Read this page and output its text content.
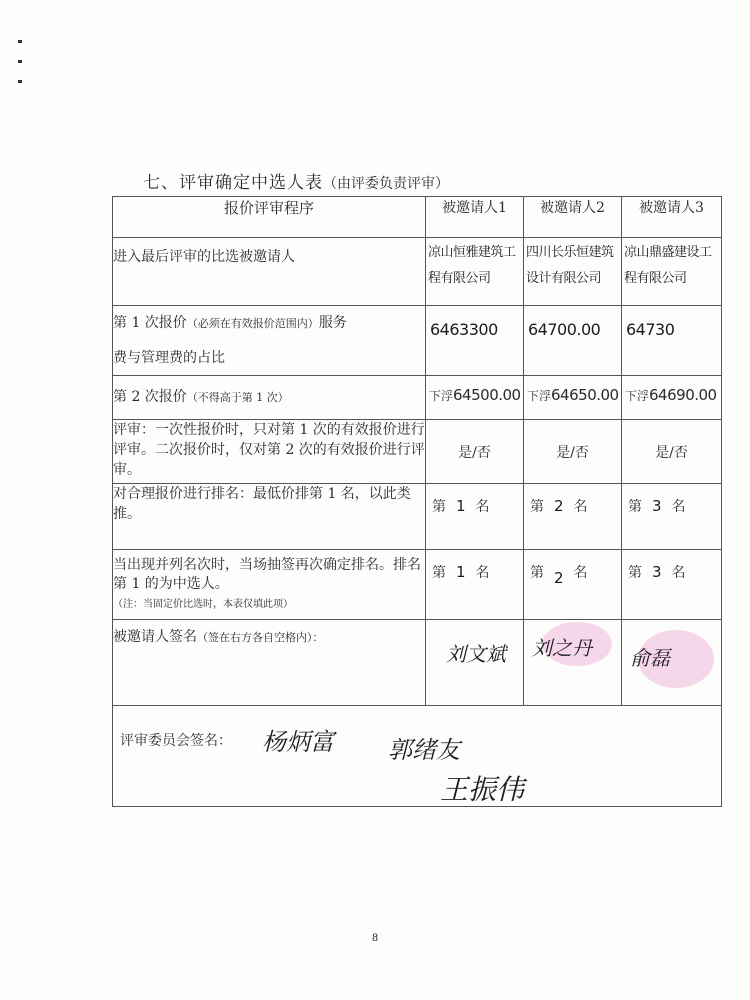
七、评审确定中选人表（由评委负责评审）
报价评审程序	被邀请人1	被邀请人2	被邀请人3
进入最后评审的比选被邀请人	凉山恒雅建筑工程有限公司	四川长乐恒建筑设计有限公司	凉山鼎盛建设工程有限公司

第 1 次报价（必须在有效报价范围内）服务
费与管理费的占比	6463300	64700.00	64730

第 2 次报价（不得高于第 1 次）	下浮64500.00	下浮64650.00	下浮64690.00

评审：一次性报价时，只对第 1 次的有效报价进行评审。二次报价时，仅对第 2 次的有效报价进行评审。	是/否	是/否	是/否
对合理报价进行排名：最低价排第 1 名，以此类推。	第 1 名	第 2 名	第 3 名

当出现并列名次时，当场抽签再次确定排名。排名第 1 的为中选人。
（注：当固定价比选时，本表仅填此项）	第 1 名	第 2 名	第 3 名

被邀请人签名（签在右方各自空格内）：	刘文斌	刘之丹	俞磊

评审委员会签名： 杨炳富 郭绪友
王振伟
8
